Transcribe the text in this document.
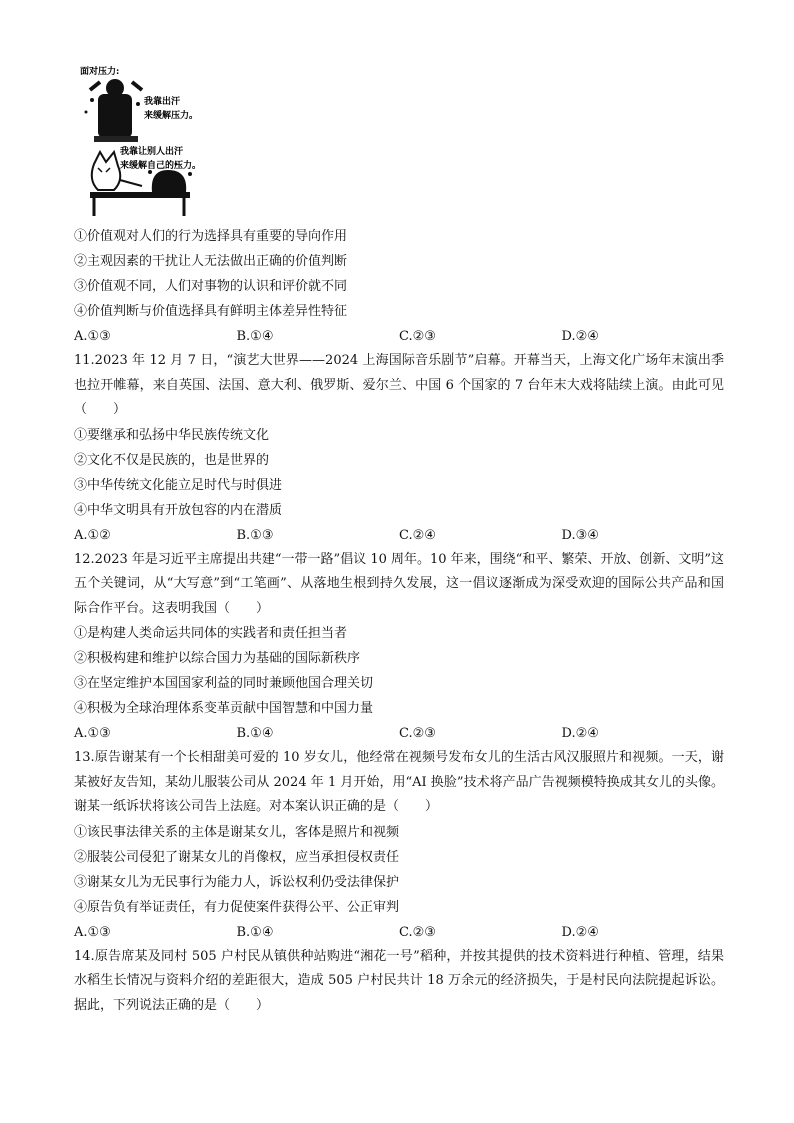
面对压力:
我靠出汗
来缓解压力。
我靠让别人出汗
来缓解自己的压力。
①价值观对人们的行为选择具有重要的导向作用
②主观因素的干扰让人无法做出正确的价值判断
③价值观不同，人们对事物的认识和评价就不同
④价值判断与价值选择具有鲜明主体差异性特征
A.①③	B.①④	C.②③	D.②④
11.2023 年 12 月 7 日，“演艺大世界——2024 上海国际音乐剧节”启幕。开幕当天，上海文化广场年末演出季也拉开帷幕，来自英国、法国、意大利、俄罗斯、爱尔兰、中国 6 个国家的 7 台年末大戏将陆续上演。由此可见（　　）
①要继承和弘扬中华民族传统文化
②文化不仅是民族的，也是世界的
③中华传统文化能立足时代与时俱进
④中华文明具有开放包容的内在潜质
A.①②	B.①③	C.②④	D.③④
12.2023 年是习近平主席提出共建“一带一路”倡议 10 周年。10 年来，围绕“和平、繁荣、开放、创新、文明”这五个关键词，从“大写意”到“工笔画”、从落地生根到持久发展，这一倡议逐渐成为深受欢迎的国际公共产品和国际合作平台。这表明我国（　　）
①是构建人类命运共同体的实践者和责任担当者
②积极构建和维护以综合国力为基础的国际新秩序
③在坚定维护本国国家利益的同时兼顾他国合理关切
④积极为全球治理体系变革贡献中国智慧和中国力量
A.①③	B.①④	C.②③	D.②④
13.原告谢某有一个长相甜美可爱的 10 岁女儿，他经常在视频号发布女儿的生活古风汉服照片和视频。一天，谢某被好友告知，某幼儿服装公司从 2024 年 1 月开始，用“AI 换脸”技术将产品广告视频模特换成其女儿的头像。谢某一纸诉状将该公司告上法庭。对本案认识正确的是（　　）
①该民事法律关系的主体是谢某女儿，客体是照片和视频
②服装公司侵犯了谢某女儿的肖像权，应当承担侵权责任
③谢某女儿为无民事行为能力人，诉讼权利仍受法律保护
④原告负有举证责任，有力促使案件获得公平、公正审判
A.①③	B.①④	C.②③	D.②④
14.原告席某及同村 505 户村民从镇供种站购进“湘花一号”稻种，并按其提供的技术资料进行种植、管理，结果水稻生长情况与资料介绍的差距很大，造成 505 户村民共计 18 万余元的经济损失，于是村民向法院提起诉讼。据此，下列说法正确的是（　　）
